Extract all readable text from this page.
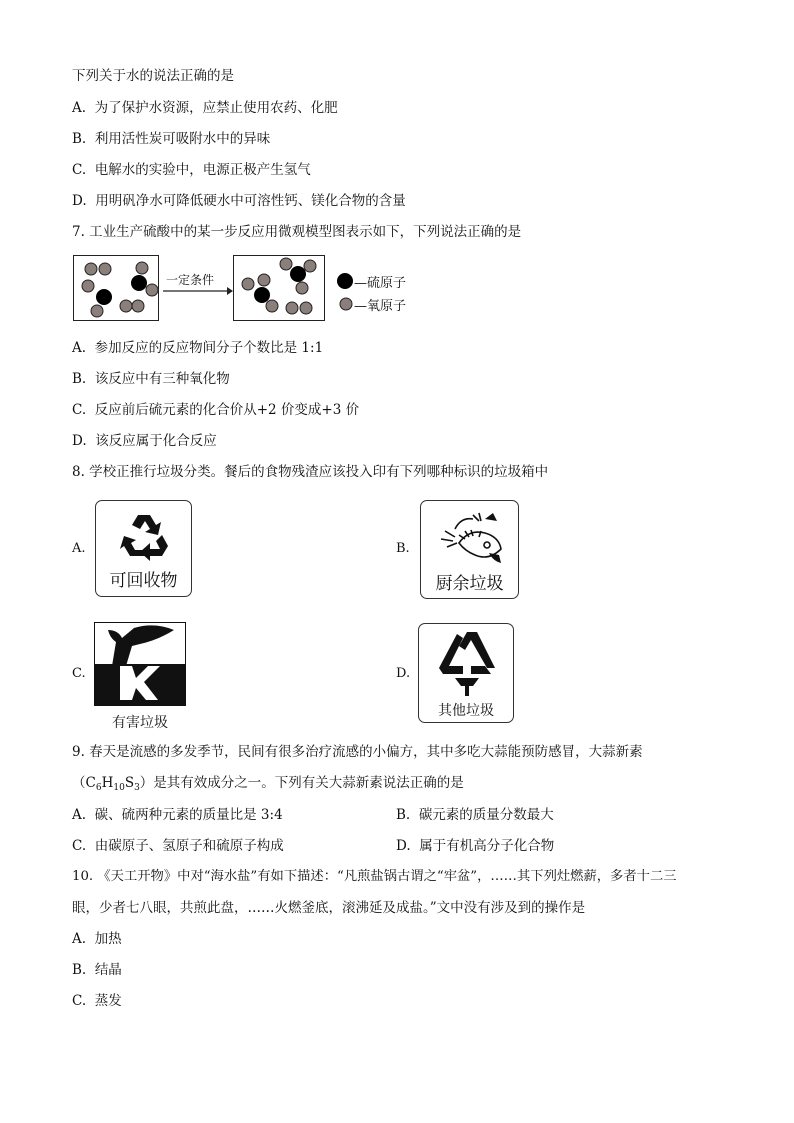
下列关于水的说法正确的是
A. 为了保护水资源，应禁止使用农药、化肥
B. 利用活性炭可吸附水中的异味
C. 电解水的实验中，电源正极产生氢气
D. 用明矾净水可降低硬水中可溶性钙、镁化合物的含量
7. 工业生产硫酸中的某一步反应用微观模型图表示如下，下列说法正确的是
一定条件	—硫原子
—氧原子
A. 参加反应的反应物间分子个数比是 1:1
B. 该反应中有三种氧化物
C. 反应前后硫元素的化合价从+2 价变成+3 价
D. 该反应属于化合反应
8. 学校正推行垃圾分类。餐后的食物残渣应该投入印有下列哪种标识的垃圾箱中
A.
可回收物
B.
厨余垃圾
C.
有害垃圾
D.
其他垃圾
9. 春天是流感的多发季节，民间有很多治疗流感的小偏方，其中多吃大蒜能预防感冒，大蒜新素
$(C_6H_{10}S_3)$是其有效成分之一。下列有关大蒜新素说法正确的是
A. 碳、硫两种元素的质量比是 3:4	B. 碳元素的质量分数最大
C. 由碳原子、氢原子和硫原子构成	D. 属于有机高分子化合物
10. 《天工开物》中对“海水盐”有如下描述：“凡煎盐锅古谓之“牢盆”，……其下列灶燃薪，多者十二三
眼，少者七八眼，共煎此盘，……火燃釜底，滚沸延及成盐。”文中没有涉及到的操作是
A. 加热
B. 结晶
C. 蒸发
